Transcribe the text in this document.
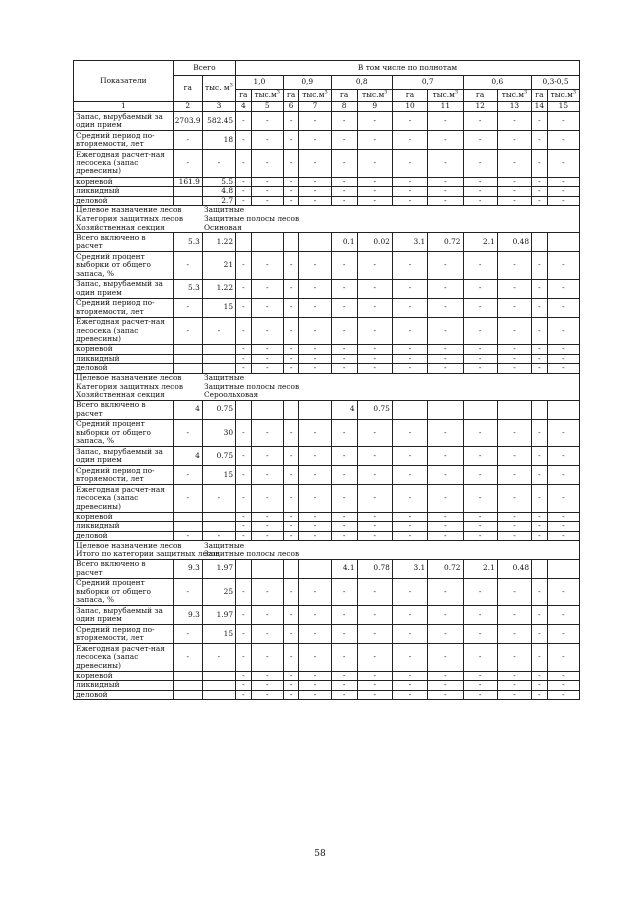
Показатели	Всего		В том числе по полнотам											
	га	тыс. $м^3$	1,0		0,9		0,8		0,7		0,6		0,3-0,5	
			га	$тыс.м^3$	га	$тыс.м^3$	га	$тыс.м^3$	га	$тыс.м^3$	га	$тыс.м^3$	га	$тыс.м^3$
1	2	3	4	5	6	7	8	9	10	11	12	13	14	15
Запас, вырубаемый за один прием	2703.9	582.45	-	-	-	-	-	-	-	-	-	-	-	-
Средний период по-вторяемости, лет	-	18	-	-	-	-	-	-	-	-	-	-	-	-
Ежегодная расчет-ная лесосека (запас древесины)	-	-	-	-	-	-	-	-	-	-	-	-	-	-
корневой	161.9	5.5	-	-	-	-	-	-	-	-	-	-	-	-
ликвидный		4.8	-	-	-	-	-	-	-	-	-	-	-	-
деловой		2.7	-	-	-	-	-	-	-	-	-	-	-	-
Целевое назначение лесов Защитные														
Категория защитных лесов Защитные полосы лесов														
Хозяйственная секция Осиновая														
Всего включено в расчет	5.3	1.22					0.1	0.02	3.1	0.72	2.1	0.48		
Средний процент выборки от общего запаса, %	-	21	-	-	-	-	-	-	-	-	-	-	-	-
Запас, вырубаемый за один прием	5.3	1.22	-	-	-	-	-	-	-	-	-	-	-	-
Средний период по-вторяемости, лет	-	15	-	-	-	-	-	-	-	-	-	-	-	-
Ежегодная расчет-ная лесосека (запас древесины)	-	-	-	-	-	-	-	-	-	-	-	-	-	-
корневой			-	-	-	-	-	-	-	-	-	-	-	-
ликвидный			-	-	-	-	-	-	-	-	-	-	-	-
деловой			-	-	-	-	-	-	-	-	-	-	-	-
Целевое назначение лесов Защитные														
Категория защитных лесов Защитные полосы лесов														
Хозяйственная секция Сероольховая														
Всего включено в расчет	4	0.75					4	0.75						
Средний процент выборки от общего запаса, %	-	30	-	-	-	-	-	-	-	-	-	-	-	-
Запас, вырубаемый за один прием	4	0.75	-	-	-	-	-	-	-	-	-	-	-	-
Средний период по-вторяемости, лет	-	15	-	-	-	-	-	-	-	-	-	-	-	-
Ежегодная расчет-ная лесосека (запас древесины)	-	-	-	-	-	-	-	-	-	-	-	-	-	-
корневой			-	-	-	-	-	-	-	-	-	-	-	-
ликвидный			-	-	-	-	-	-	-	-	-	-	-	-
деловой	-	-	-	-	-	-	-	-	-	-	-	-	-	-
Целевое назначение лесов Защитные														
Итого по категории защитных лесовЗащитные полосы лесов														
Всего включено в расчет	9.3	1.97					4.1	0.78	3.1	0.72	2.1	0.48		
Средний процент выборки от общего запаса, %	-	25	-	-	-	-	-	-	-	-	-	-	-	-
Запас, вырубаемый за один прием	9.3	1.97	-	-	-	-	-	-	-	-	-	-	-	-
Средний период по-вторяемости, лет	-	15	-	-	-	-	-	-	-	-	-	-	-	-
Ежегодная расчет-ная лесосека (запас древесины)	-	-	-	-	-	-	-	-	-	-	-	-	-	-
корневой			-	-	-	-	-	-	-	-	-	-	-	-
ликвидный			-	-	-	-	-	-	-	-	-	-	-	-
деловой			-	-	-	-	-	-	-	-	-	-	-	-
58
